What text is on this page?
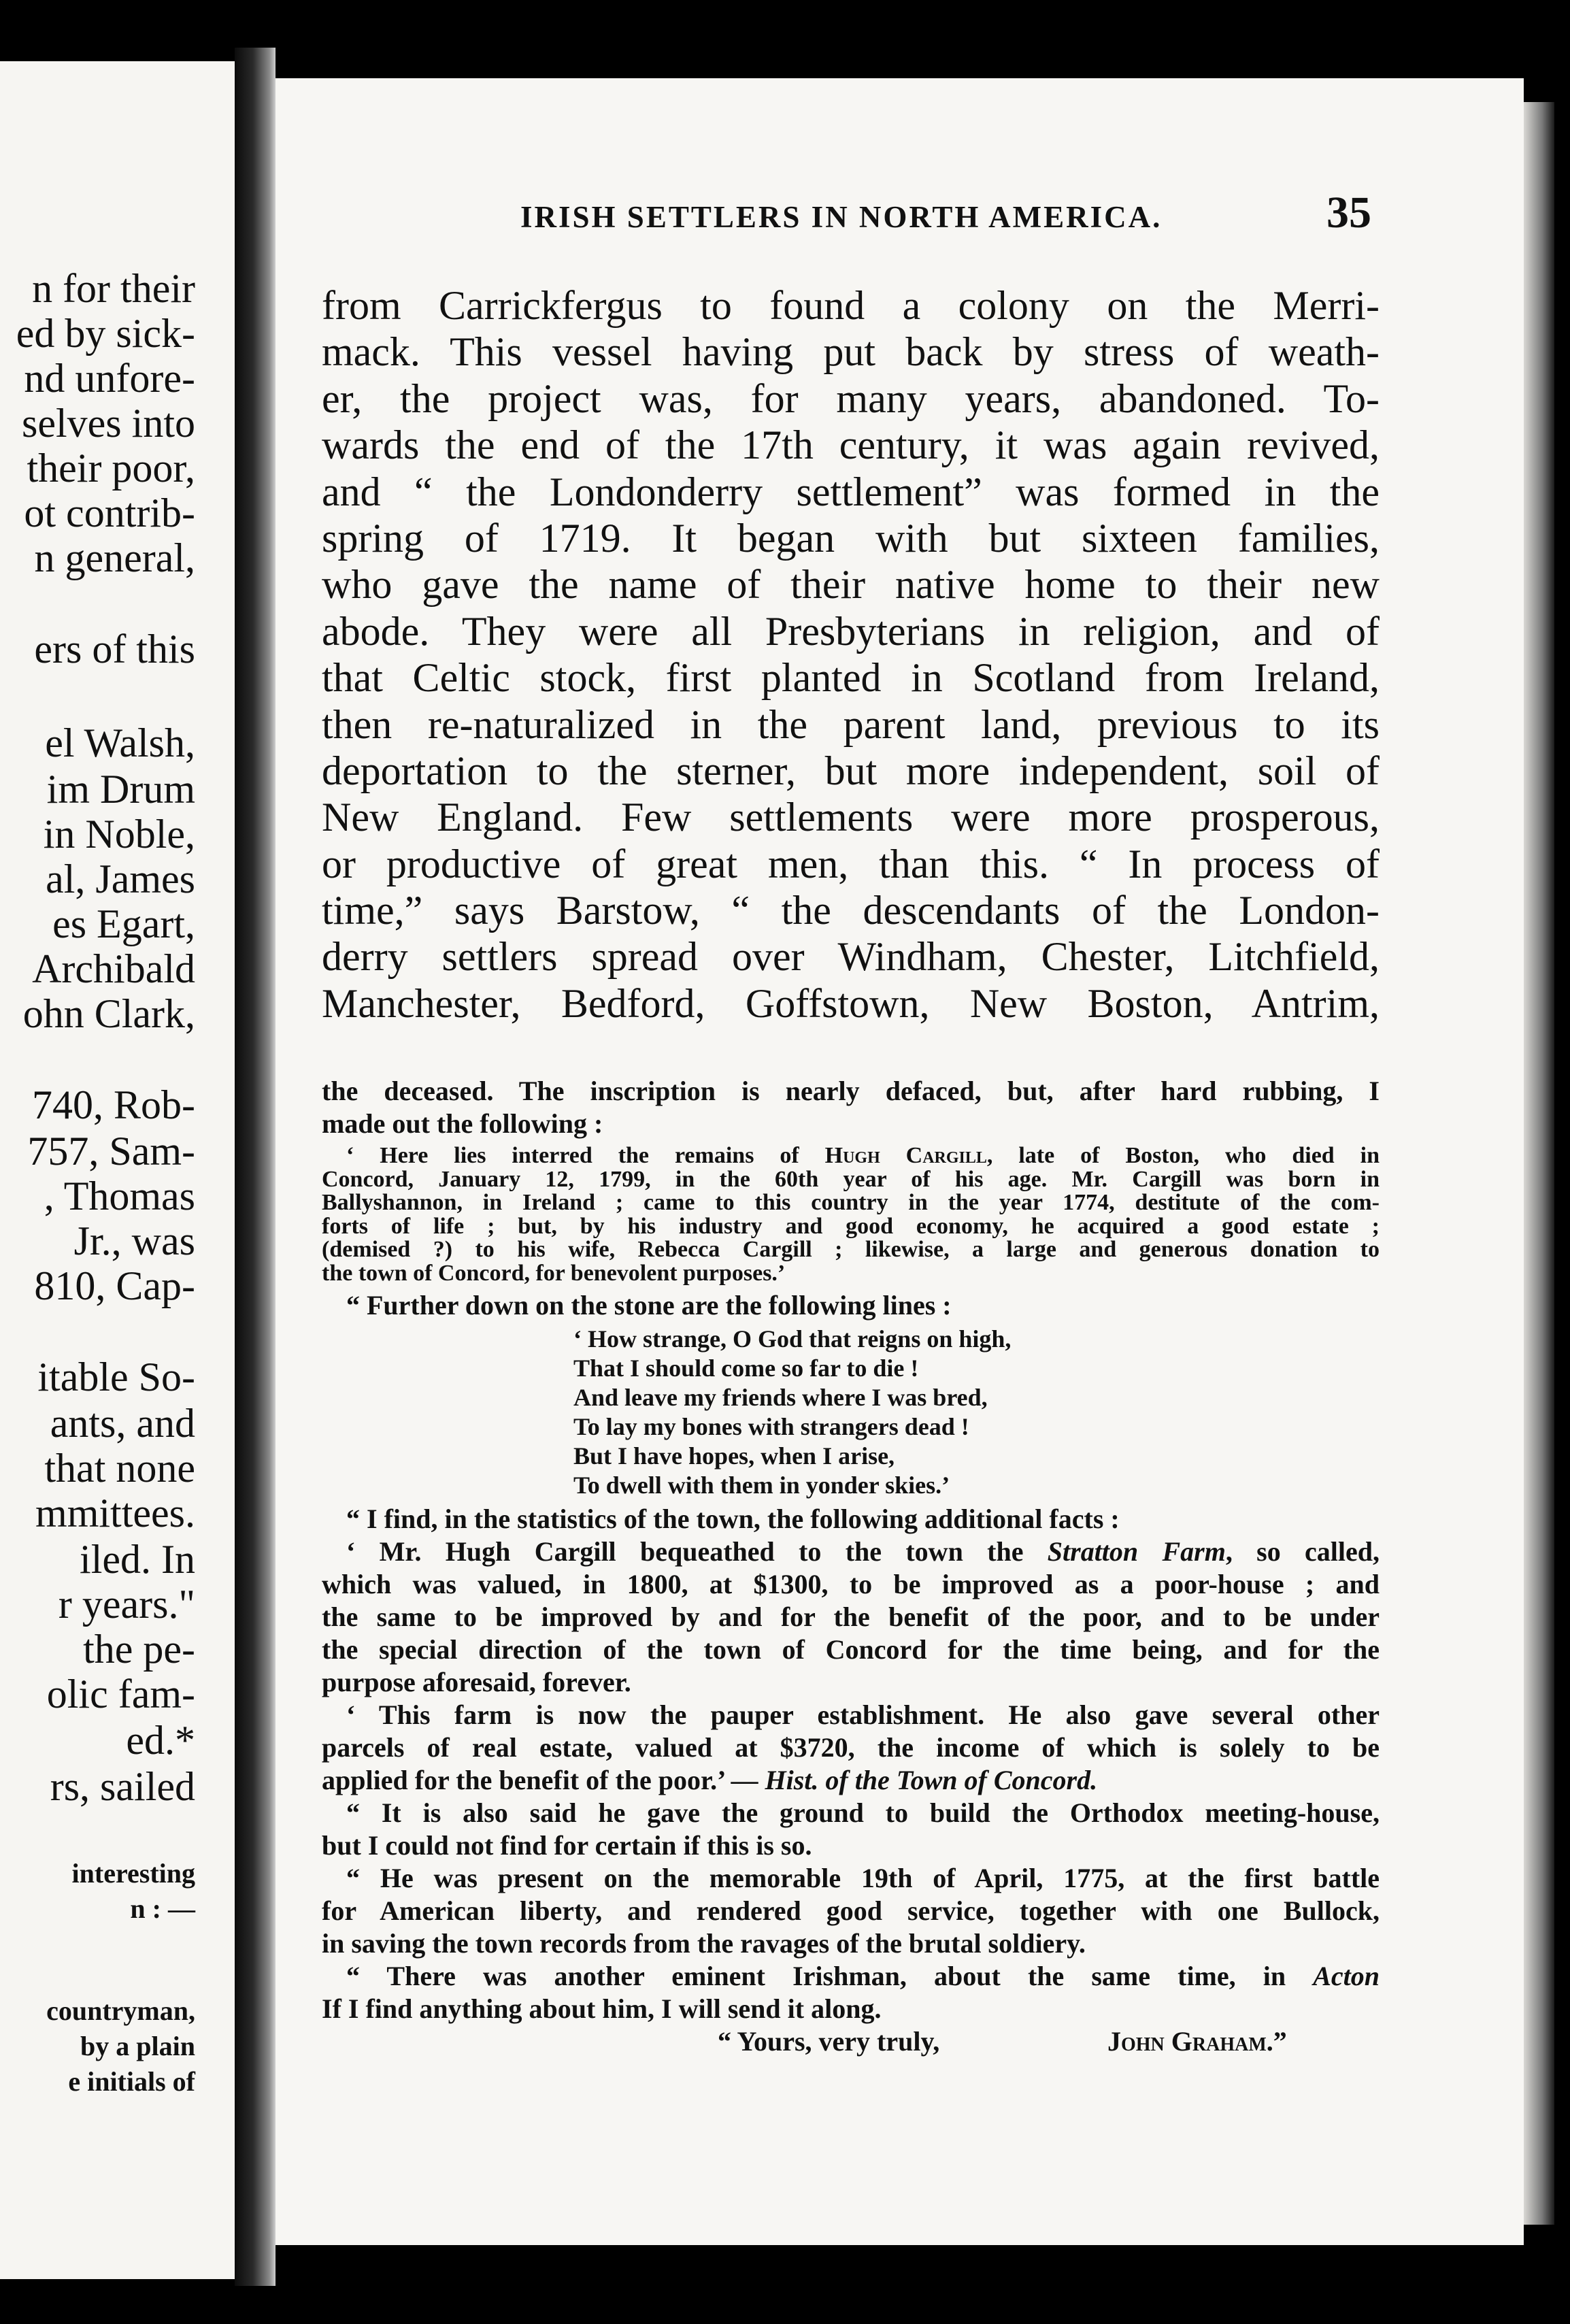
n for their
ed by sick-
nd unfore-
selves into
their poor,
ot contrib-
n general,
ers of this
el Walsh,
im Drum
in Noble,
al, James
es Egart,
Archibald
ohn Clark,
740, Rob-
757, Sam-
, Thomas
Jr., was
810, Cap-
itable So-
ants, and
that none
mmittees.
iled. In
r years."
the pe-
olic fam-
ed.*
rs, sailed
interesting
n : —
countryman,
by a plain
e initials of
IRISH SETTLERS IN NORTH AMERICA.	35
from Carrickfergus to found a colony on the Merri-
mack. This vessel having put back by stress of weath-
er, the project was, for many years, abandoned. To-
wards the end of the 17th century, it was again revived,
and “ the Londonderry settlement” was formed in the
spring of 1719. It began with but sixteen families,
who gave the name of their native home to their new
abode. They were all Presbyterians in religion, and of
that Celtic stock, first planted in Scotland from Ireland,
then re-naturalized in the parent land, previous to its
deportation to the sterner, but more independent, soil of
New England. Few settlements were more prosperous,
or productive of great men, than this. “ In process of
time,” says Barstow, “ the descendants of the London-
derry settlers spread over Windham, Chester, Litchfield,
Manchester, Bedford, Goffstown, New Boston, Antrim,
the deceased. The inscription is nearly defaced, but, after hard rubbing, I
made out the following :
‘ Here lies interred the remains of Hugh Cargill, late of Boston, who died in
Concord, January 12, 1799, in the 60th year of his age. Mr. Cargill was born in
Ballyshannon, in Ireland ; came to this country in the year 1774, destitute of the com-
forts of life ; but, by his industry and good economy, he acquired a good estate ;
(demised ?) to his wife, Rebecca Cargill ; likewise, a large and generous donation to
the town of Concord, for benevolent purposes.’
“ Further down on the stone are the following lines :
‘ How strange, O God that reigns on high,
That I should come so far to die !
And leave my friends where I was bred,
To lay my bones with strangers dead !
But I have hopes, when I arise,
To dwell with them in yonder skies.’
“ I find, in the statistics of the town, the following additional facts :
‘ Mr. Hugh Cargill bequeathed to the town the Stratton Farm, so called,
which was valued, in 1800, at $1300, to be improved as a poor-house ; and
the same to be improved by and for the benefit of the poor, and to be under
the special direction of the town of Concord for the time being, and for the
purpose aforesaid, forever.
‘ This farm is now the pauper establishment. He also gave several other
parcels of real estate, valued at $3720, the income of which is solely to be
applied for the benefit of the poor.’ — Hist. of the Town of Concord.
“ It is also said he gave the ground to build the Orthodox meeting-house,
but I could not find for certain if this is so.
“ He was present on the memorable 19th of April, 1775, at the first battle
for American liberty, and rendered good service, together with one Bullock,
in saving the town records from the ravages of the brutal soldiery.
“ There was another eminent Irishman, about the same time, in Acton
If I find anything about him, I will send it along.
“ Yours, very truly,	John Graham.”
